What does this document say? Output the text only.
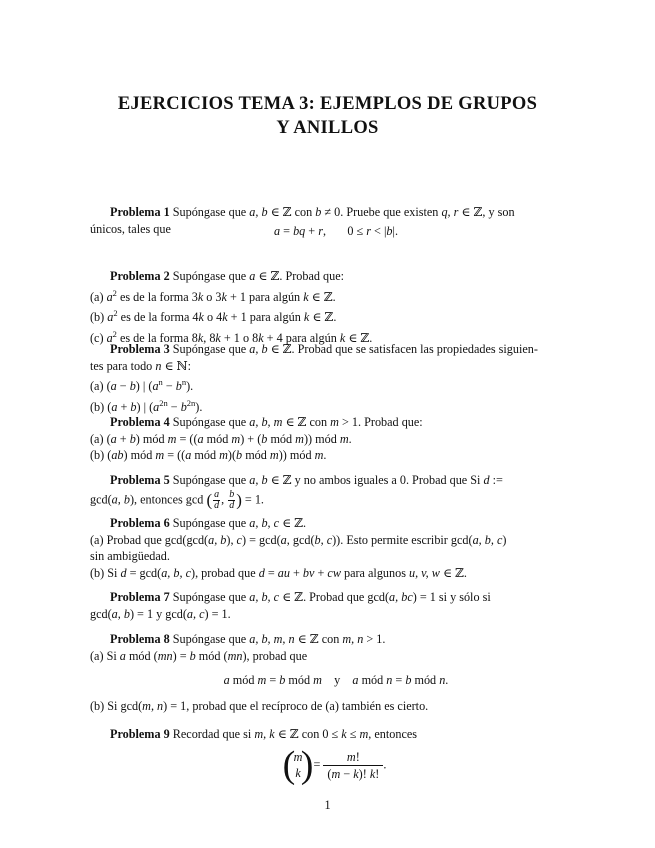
EJERCICIOS TEMA 3: EJEMPLOS DE GRUPOS
Y ANILLOS
Problema 1 Supóngase que a, b ∈ ℤ con b ≠ 0. Pruebe que existen q, r ∈ ℤ, y son
únicos, tales que	a = bq + r,       0 ≤ r < |b|.
Problema 2 Supóngase que a ∈ ℤ. Probad que:
(a) $a^2$ es de la forma 3k o 3k + 1 para algún k ∈ ℤ.
(b) $a^2$ es de la forma 4k o 4k + 1 para algún k ∈ ℤ.
(c) $a^2$ es de la forma 8k, 8k + 1 o 8k + 4 para algún k ∈ ℤ.
Problema 3 Supóngase que a, b ∈ ℤ. Probad que se satisfacen las propiedades siguien-
tes para todo n ∈ ℕ:
(a) (a − b) | $(a^n - b^n)$.
(b) (a + b) | $(a^{2n} - b^{2n})$.
Problema 4 Supóngase que a, b, m ∈ ℤ con m > 1. Probad que:
(a) (a + b) mód m = ((a mód m) + (b mód m)) mód m.
(b) (ab) mód m = ((a mód m)(b mód m)) mód m.
Problema 5 Supóngase que a, b ∈ ℤ y no ambos iguales a 0. Probad que Si d :=
gcd(a, b), entonces gcd ( $\frac{a}{d}$ , $\frac{b}{d}$ ) = 1.
Problema 6 Supóngase que a, b, c ∈ ℤ.
(a) Probad que gcd(gcd(a, b), c) = gcd(a, gcd(b, c)). Esto permite escribir gcd(a, b, c)
sin ambigüedad.
(b) Si d = gcd(a, b, c), probad que d = au + bv + cw para algunos u, v, w ∈ ℤ.
Problema 7 Supóngase que a, b, c ∈ ℤ. Probad que gcd(a, bc) = 1 si y sólo si
gcd(a, b) = 1 y gcd(a, c) = 1.
Problema 8 Supóngase que a, b, m, n ∈ ℤ con m, n > 1.
(a) Si a mód (mn) = b mód (mn), probad que
a mód m = b mód m y a mód n = b mód n.
(b) Si gcd(m, n) = 1, probad que el recíproco de (a) también es cierto.
Problema 9 Recordad que si m, k ∈ ℤ con 0 ≤ k ≤ m, entonces
(
m
k )
= $\frac{m!}{(m - k)! k!}$ .
1
